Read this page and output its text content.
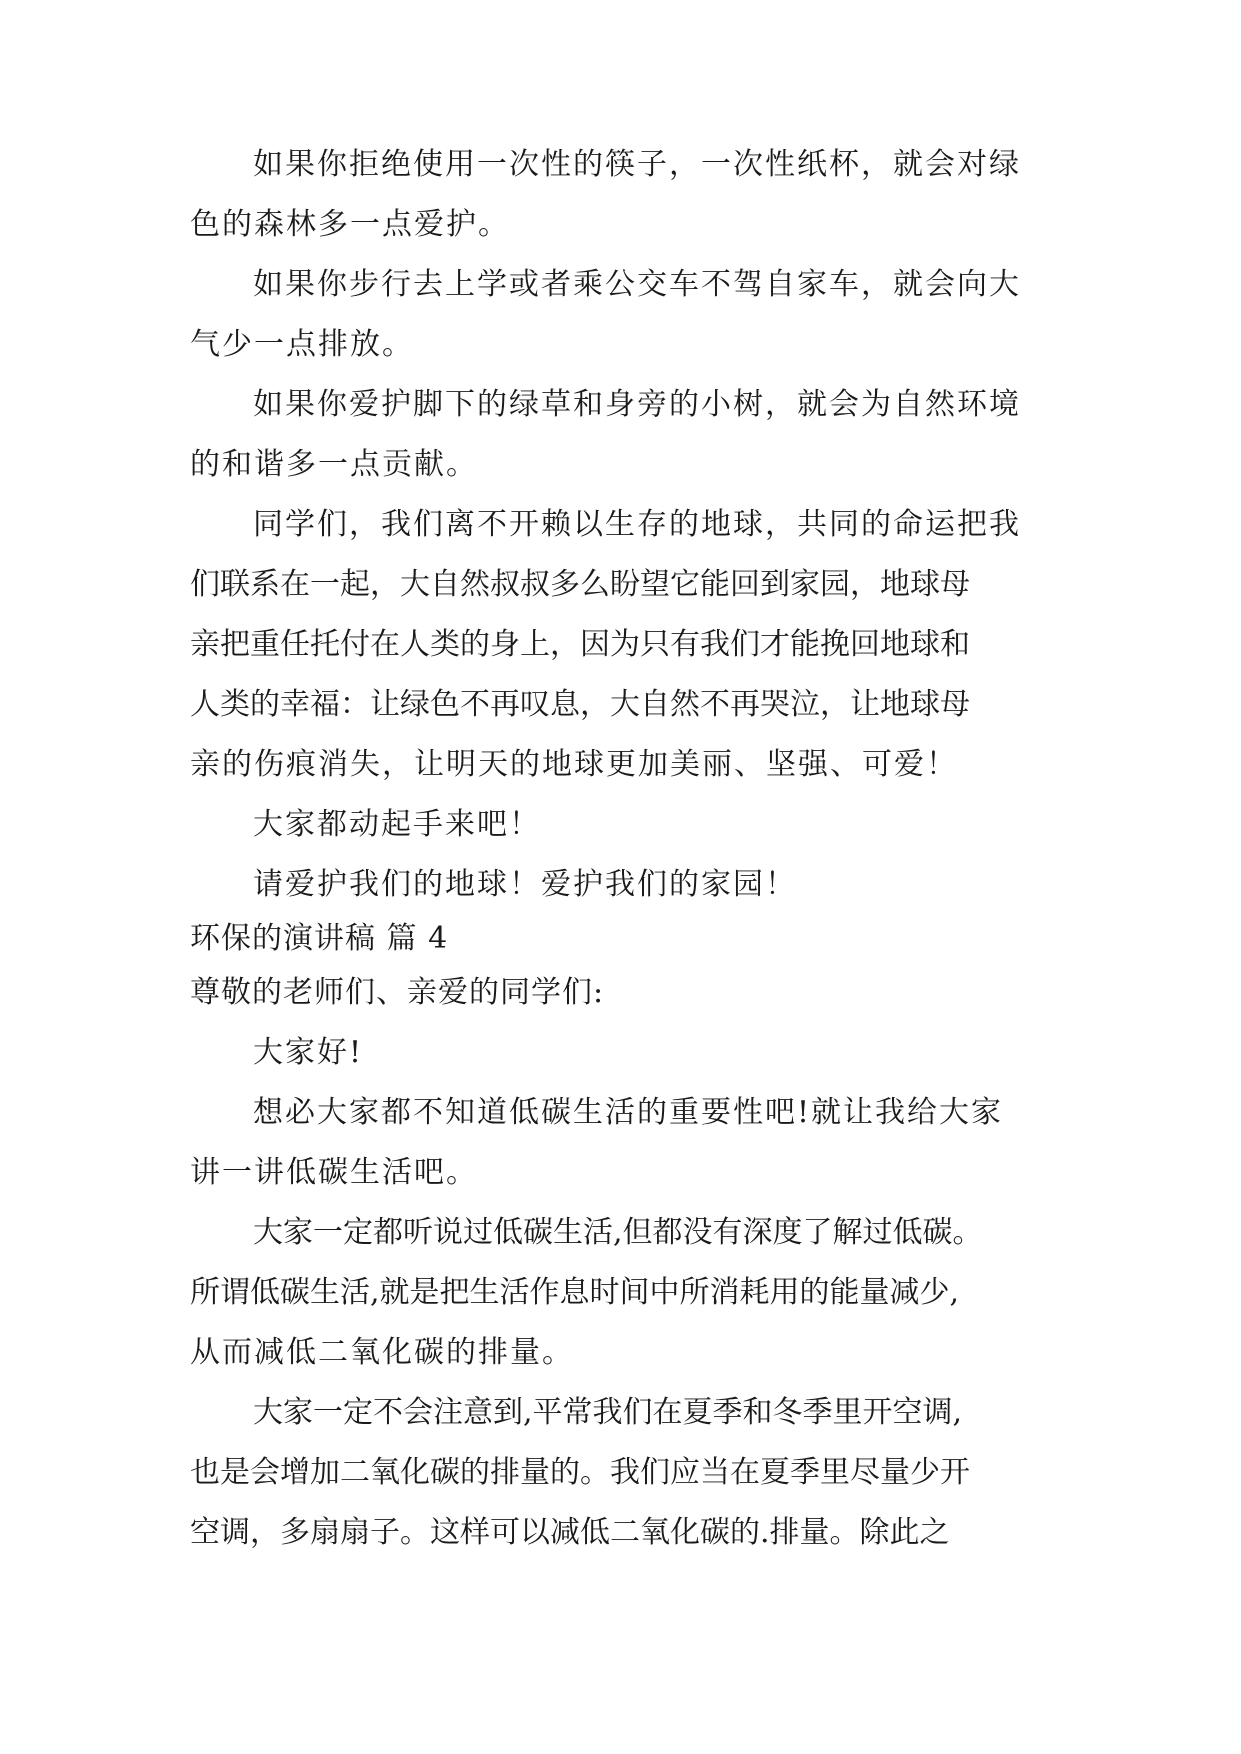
如果你拒绝使用一次性的筷子，一次性纸杯，就会对绿
色的森林多一点爱护。
如果你步行去上学或者乘公交车不驾自家车，就会向大
气少一点排放。
如果你爱护脚下的绿草和身旁的小树，就会为自然环境
的和谐多一点贡献。
同学们，我们离不开赖以生存的地球，共同的命运把我
们联系在一起，大自然叔叔多么盼望它能回到家园，地球母
亲把重任托付在人类的身上，因为只有我们才能挽回地球和
人类的幸福：让绿色不再叹息，大自然不再哭泣，让地球母
亲的伤痕消失，让明天的地球更加美丽、坚强、可爱！
大家都动起手来吧！
请爱护我们的地球！爱护我们的家园！
环保的演讲稿 篇 4
尊敬的老师们、亲爱的同学们:
大家好!
想必大家都不知道低碳生活的重要性吧!就让我给大家
讲一讲低碳生活吧。
大家一定都听说过低碳生活,但都没有深度了解过低碳。
所谓低碳生活,就是把生活作息时间中所消耗用的能量减少,
从而减低二氧化碳的排量。
大家一定不会注意到,平常我们在夏季和冬季里开空调,
也是会增加二氧化碳的排量的。我们应当在夏季里尽量少开
空调，多扇扇子。这样可以减低二氧化碳的.排量。除此之
